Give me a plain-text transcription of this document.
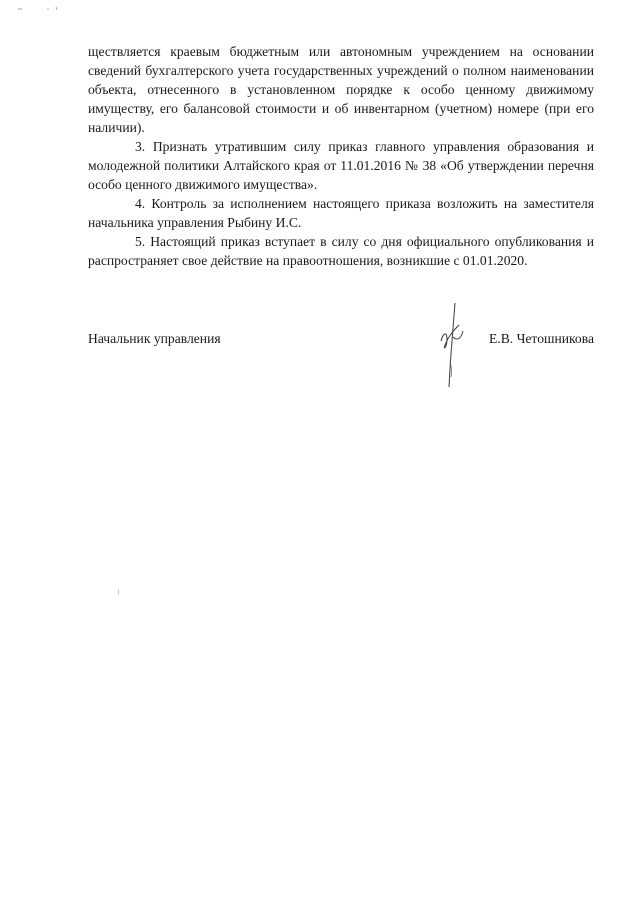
ществляется краевым бюджетным или автономным учреждением на основании сведений бухгалтерского учета государственных учреждений о полном наименовании объекта, отнесенного в установленном порядке к особо ценному движимому имуществу, его балансовой стоимости и об инвентарном (учетном) номере (при его наличии).

3. Признать утратившим силу приказ главного управления образования и молодежной политики Алтайского края от 11.01.2016 № 38 «Об утверждении перечня особо ценного движимого имущества».

4. Контроль за исполнением настоящего приказа возложить на заместителя начальника управления Рыбину И.С.

5. Настоящий приказ вступает в силу со дня официального опубликования и распространяет свое действие на правоотношения, возникшие с 01.01.2020.

Начальник управления	Е.В. Четошникова
